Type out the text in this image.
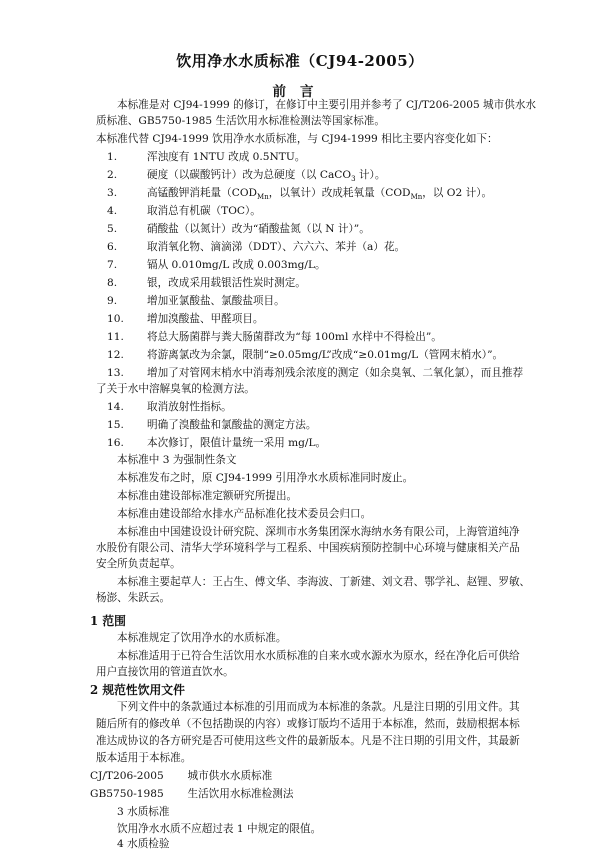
饮用净水水质标准（CJ94-2005）
前言
本标准是对 CJ94-1999 的修订，在修订中主要引用并参考了 CJ/T206-2005 城市供水水
质标准、GB5750-1985 生活饮用水标准检测法等国家标准。
本标准代替 CJ94-1999 饮用净水水质标准，与 CJ94-1999 相比主要内容变化如下：
1.	浑浊度有 1NTU 改成 0.5NTU。
2.	硬度（以碳酸钙计）改为总硬度（以 CaCO$_3$ 计）。
3.	高锰酸钾消耗量（$COD_{Mn}$，以氧计）改成耗氧量（$COD_{Mn}$，以 O2 计）。
4.	取消总有机碳（TOC）。
5.	硝酸盐（以氮计）改为“硝酸盐氮（以 N 计）”。
6.	取消氧化物、滴滴涕（DDT）、六六六、苯并（a）花。
7.	镉从 0.010mg/L 改成 0.003mg/L。
8.	银，改成采用载银活性炭时测定。
9.	增加亚氯酸盐、氯酸盐项目。
10. 增加溴酸盐、甲醛项目。
11. 将总大肠菌群与粪大肠菌群改为“每 100ml 水样中不得检出”。
12. 将游离氯改为余氯，限制“≥0.05mg/L”改成“≥0.01mg/L（管网末梢水）”。
13. 增加了对管网末梢水中消毒剂残余浓度的测定（如余臭氧、二氧化氯），而且推荐
了关于水中溶解臭氧的检测方法。
14. 取消放射性指标。
15. 明确了溴酸盐和氯酸盐的测定方法。
16. 本次修订，限值计量统一采用 mg/L。
本标准中 3 为强制性条文
本标准发布之时，原 CJ94-1999 引用净水水质标准同时废止。
本标准由建设部标准定额研究所提出。
本标准由建设部给水排水产品标准化技术委员会归口。
本标准由中国建设设计研究院、深圳市水务集团深水海纳水务有限公司，上海管道纯净
水股份有限公司、清华大学环境科学与工程系、中国疾病预防控制中心环境与健康相关产品
安全所负责起草。
本标准主要起草人：王占生、傅文华、李海波、丁新建、刘文君、鄂学礼、赵锂、罗敏、
杨澎、朱跃云。
1 范围
本标准规定了饮用净水的水质标准。
本标准适用于已符合生活饮用水水质标准的自来水或水源水为原水，经在净化后可供给
用户直接饮用的管道直饮水。
2 规范性饮用文件
下列文件中的条款通过本标准的引用而成为本标准的条款。凡是注日期的引用文件。其
随后所有的修改单（不包括勘误的内容）或修订版均不适用于本标准，然而，鼓励根据本标
准达成协议的各方研究是否可使用这些文件的最新版本。凡是不注日期的引用文件，其最新
版本适用于本标准。
CJ/T206-2005 城市供水水质标准
GB5750-1985 生活饮用水标准检测法
3 水质标准
饮用净水水质不应超过表 1 中规定的限值。
4 水质检验
